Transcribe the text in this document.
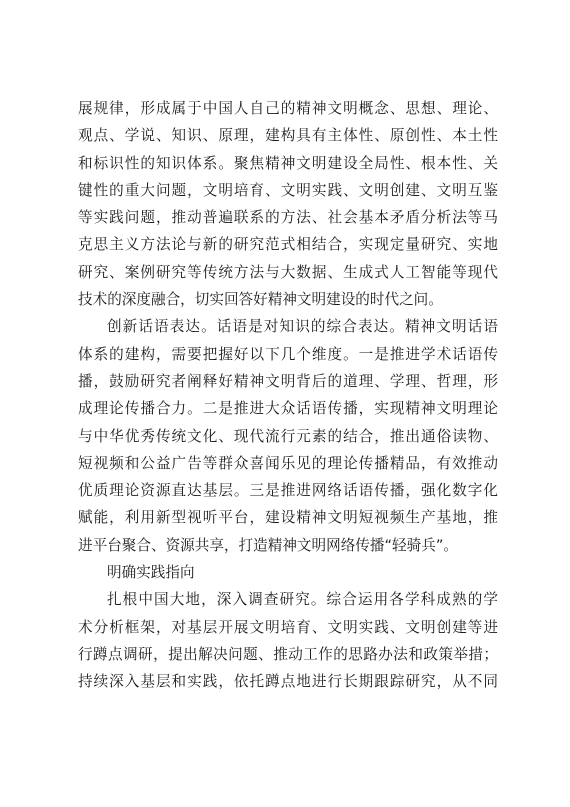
展规律，形成属于中国人自己的精神文明概念、思想、理论、
观点、学说、知识、原理，建构具有主体性、原创性、本土性
和标识性的知识体系。聚焦精神文明建设全局性、根本性、关
键性的重大问题，文明培育、文明实践、文明创建、文明互鉴
等实践问题，推动普遍联系的方法、社会基本矛盾分析法等马
克思主义方法论与新的研究范式相结合，实现定量研究、实地
研究、案例研究等传统方法与大数据、生成式人工智能等现代
技术的深度融合，切实回答好精神文明建设的时代之问。
创新话语表达。话语是对知识的综合表达。精神文明话语
体系的建构，需要把握好以下几个维度。一是推进学术话语传
播，鼓励研究者阐释好精神文明背后的道理、学理、哲理，形
成理论传播合力。二是推进大众话语传播，实现精神文明理论
与中华优秀传统文化、现代流行元素的结合，推出通俗读物、
短视频和公益广告等群众喜闻乐见的理论传播精品，有效推动
优质理论资源直达基层。三是推进网络话语传播，强化数字化
赋能，利用新型视听平台，建设精神文明短视频生产基地，推
进平台聚合、资源共享，打造精神文明网络传播“轻骑兵”。
明确实践指向
扎根中国大地，深入调查研究。综合运用各学科成熟的学
术分析框架，对基层开展文明培育、文明实践、文明创建等进
行蹲点调研，提出解决问题、推动工作的思路办法和政策举措；
持续深入基层和实践，依托蹲点地进行长期跟踪研究，从不同
